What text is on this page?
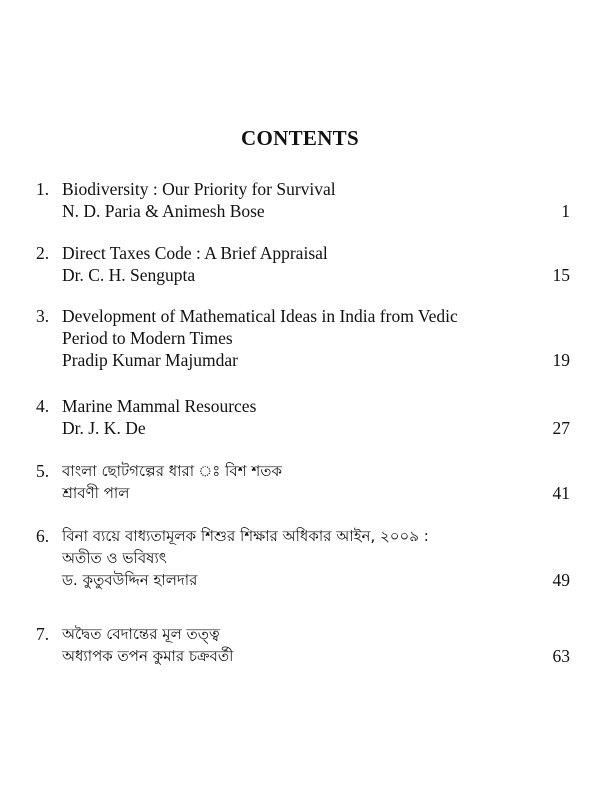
CONTENTS
1. Biodiversity : Our Priority for Survival
N. D. Paria & Animesh Bose	1
2. Direct Taxes Code : A Brief Appraisal
Dr. C. H. Sengupta	15
3. Development of Mathematical Ideas in India from Vedic
Period to Modern Times
Pradip Kumar Majumdar	19
4. Marine Mammal Resources
Dr. J. K. De	27
5. বাংলা ছোটগল্পের ধারা ঃ বিশ শতক
শ্রাবণী পাল	41
6. বিনা ব্যয়ে বাধ্যতামূলক শিশুর শিক্ষার অধিকার আইন, ২০০৯ :
অতীত ও ভবিষ্যৎ
ড. কুতুবউদ্দিন হালদার	49
7. অদ্বৈত বেদান্তের মূল তত্ত্ব
অধ্যাপক তপন কুমার চক্রবর্তী	63
